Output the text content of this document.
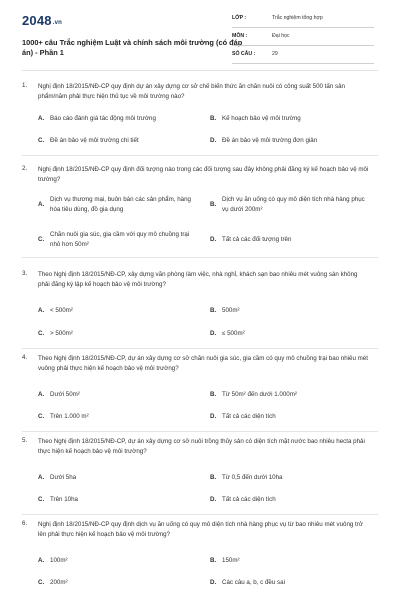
2048.vn
1000+ câu Trắc nghiệm Luật và chính sách môi trường (có đáp án) - Phần 1
LỚP :	Trắc nghiệm tổng hợp
MÔN :	Đại học
SỐ CÂU :	29
1. Nghị định 18/2015/NĐ-CP quy định dự án xây dựng cơ sở chế biến thức ăn chăn nuôi có công suất 500 tấn sản phẩm/năm phải thực hiện thủ tục về môi trường nào?
A. Báo cáo đánh giá tác động môi trường	B. Kế hoạch bảo vệ môi trường
C. Đề án bảo vệ môi trường chi tiết	D. Đề án bảo vệ môi trường đơn giản
2. Nghị định 18/2015/NĐ-CP quy định đối tượng nào trong các đối tượng sau đây không phải đăng ký kế hoạch bảo vệ môi trường?
A.
Dịch vụ thương mại, buôn bán các sản phẩm, hàng hóa tiêu dùng, đồ gia dụng
B.
Dịch vụ ăn uống có quy mô diện tích nhà hàng phục vụ dưới 200m²
C.
Chăn nuôi gia súc, gia cầm với quy mô chuồng trại nhỏ hơn 50m²
D. Tất cả các đối tượng trên
3. Theo Nghị định 18/2015/NĐ-CP, xây dựng văn phòng làm việc, nhà nghỉ, khách sạn bao nhiêu mét vuông sàn không phải đăng ký lập kế hoạch bảo vệ môi trường?
A. < 500m²	B. 500m²
C. > 500m²	D. ≤ 500m²
4. Theo Nghị định 18/2015/NĐ-CP, dự án xây dựng cơ sở chăn nuôi gia súc, gia cầm có quy mô chuồng trại bao nhiêu mét vuông phải thực hiện kế hoạch bảo vệ môi trường?
A. Dưới 50m²	B. Từ 50m² đến dưới 1.000m²
C. Trên 1.000 m²	D. Tất cả các diện tích
5. Theo Nghị định 18/2015/NĐ-CP, dự án xây dựng cơ sở nuôi trồng thủy sản có diện tích mặt nước bao nhiêu hecta phải thực hiện kế hoạch bảo vệ môi trường?
A. Dưới 5ha	B. Từ 0,5 đến dưới 10ha
C. Trên 10ha	D. Tất cả các diện tích
6. Nghị định 18/2015/NĐ-CP quy định dịch vụ ăn uống có quy mô diện tích nhà hàng phục vụ từ bao nhiêu mét vuông trở lên phải thực hiện kế hoạch bảo vệ môi trường?
A. 100m²	B. 150m²
C. 200m²	D. Các câu a, b, c đều sai
